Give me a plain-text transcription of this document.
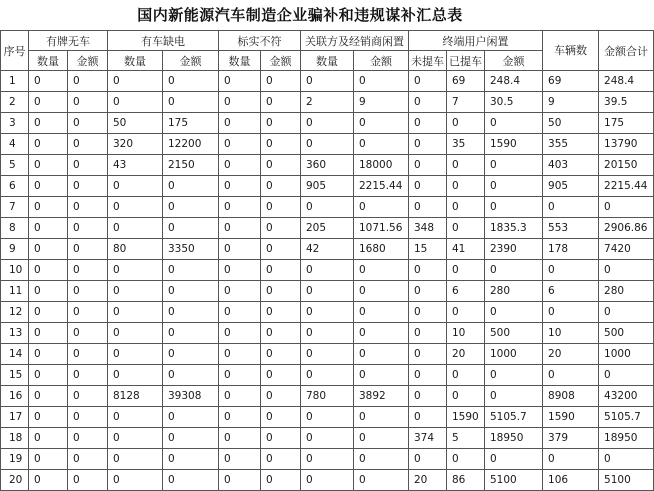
国内新能源汽车制造企业骗补和违规谋补汇总表
序号	有牌无车		有车缺电		标实不符		关联方及经销商闲置		终端用户闲置			车辆数	金额合计
	数量	金额	数量	金额	数量	金额	数量	金额	未提车	已提车	金额		
1	0	0	0	0	0	0	0	0	0	69	248.4	69	248.4
2	0	0	0	0	0	0	2	9	0	7	30.5	9	39.5
3	0	0	50	175	0	0	0	0	0	0	0	50	175
4	0	0	320	12200	0	0	0	0	0	35	1590	355	13790
5	0	0	43	2150	0	0	360	18000	0	0	0	403	20150
6	0	0	0	0	0	0	905	2215.44	0	0	0	905	2215.44
7	0	0	0	0	0	0	0	0	0	0	0	0	0
8	0	0	0	0	0	0	205	1071.56	348	0	1835.3	553	2906.86
9	0	0	80	3350	0	0	42	1680	15	41	2390	178	7420
10	0	0	0	0	0	0	0	0	0	0	0	0	0
11	0	0	0	0	0	0	0	0	0	6	280	6	280
12	0	0	0	0	0	0	0	0	0	0	0	0	0
13	0	0	0	0	0	0	0	0	0	10	500	10	500
14	0	0	0	0	0	0	0	0	0	20	1000	20	1000
15	0	0	0	0	0	0	0	0	0	0	0	0	0
16	0	0	8128	39308	0	0	780	3892	0	0	0	8908	43200
17	0	0	0	0	0	0	0	0	0	1590	5105.7	1590	5105.7
18	0	0	0	0	0	0	0	0	374	5	18950	379	18950
19	0	0	0	0	0	0	0	0	0	0	0	0	0
20	0	0	0	0	0	0	0	0	20	86	5100	106	5100
